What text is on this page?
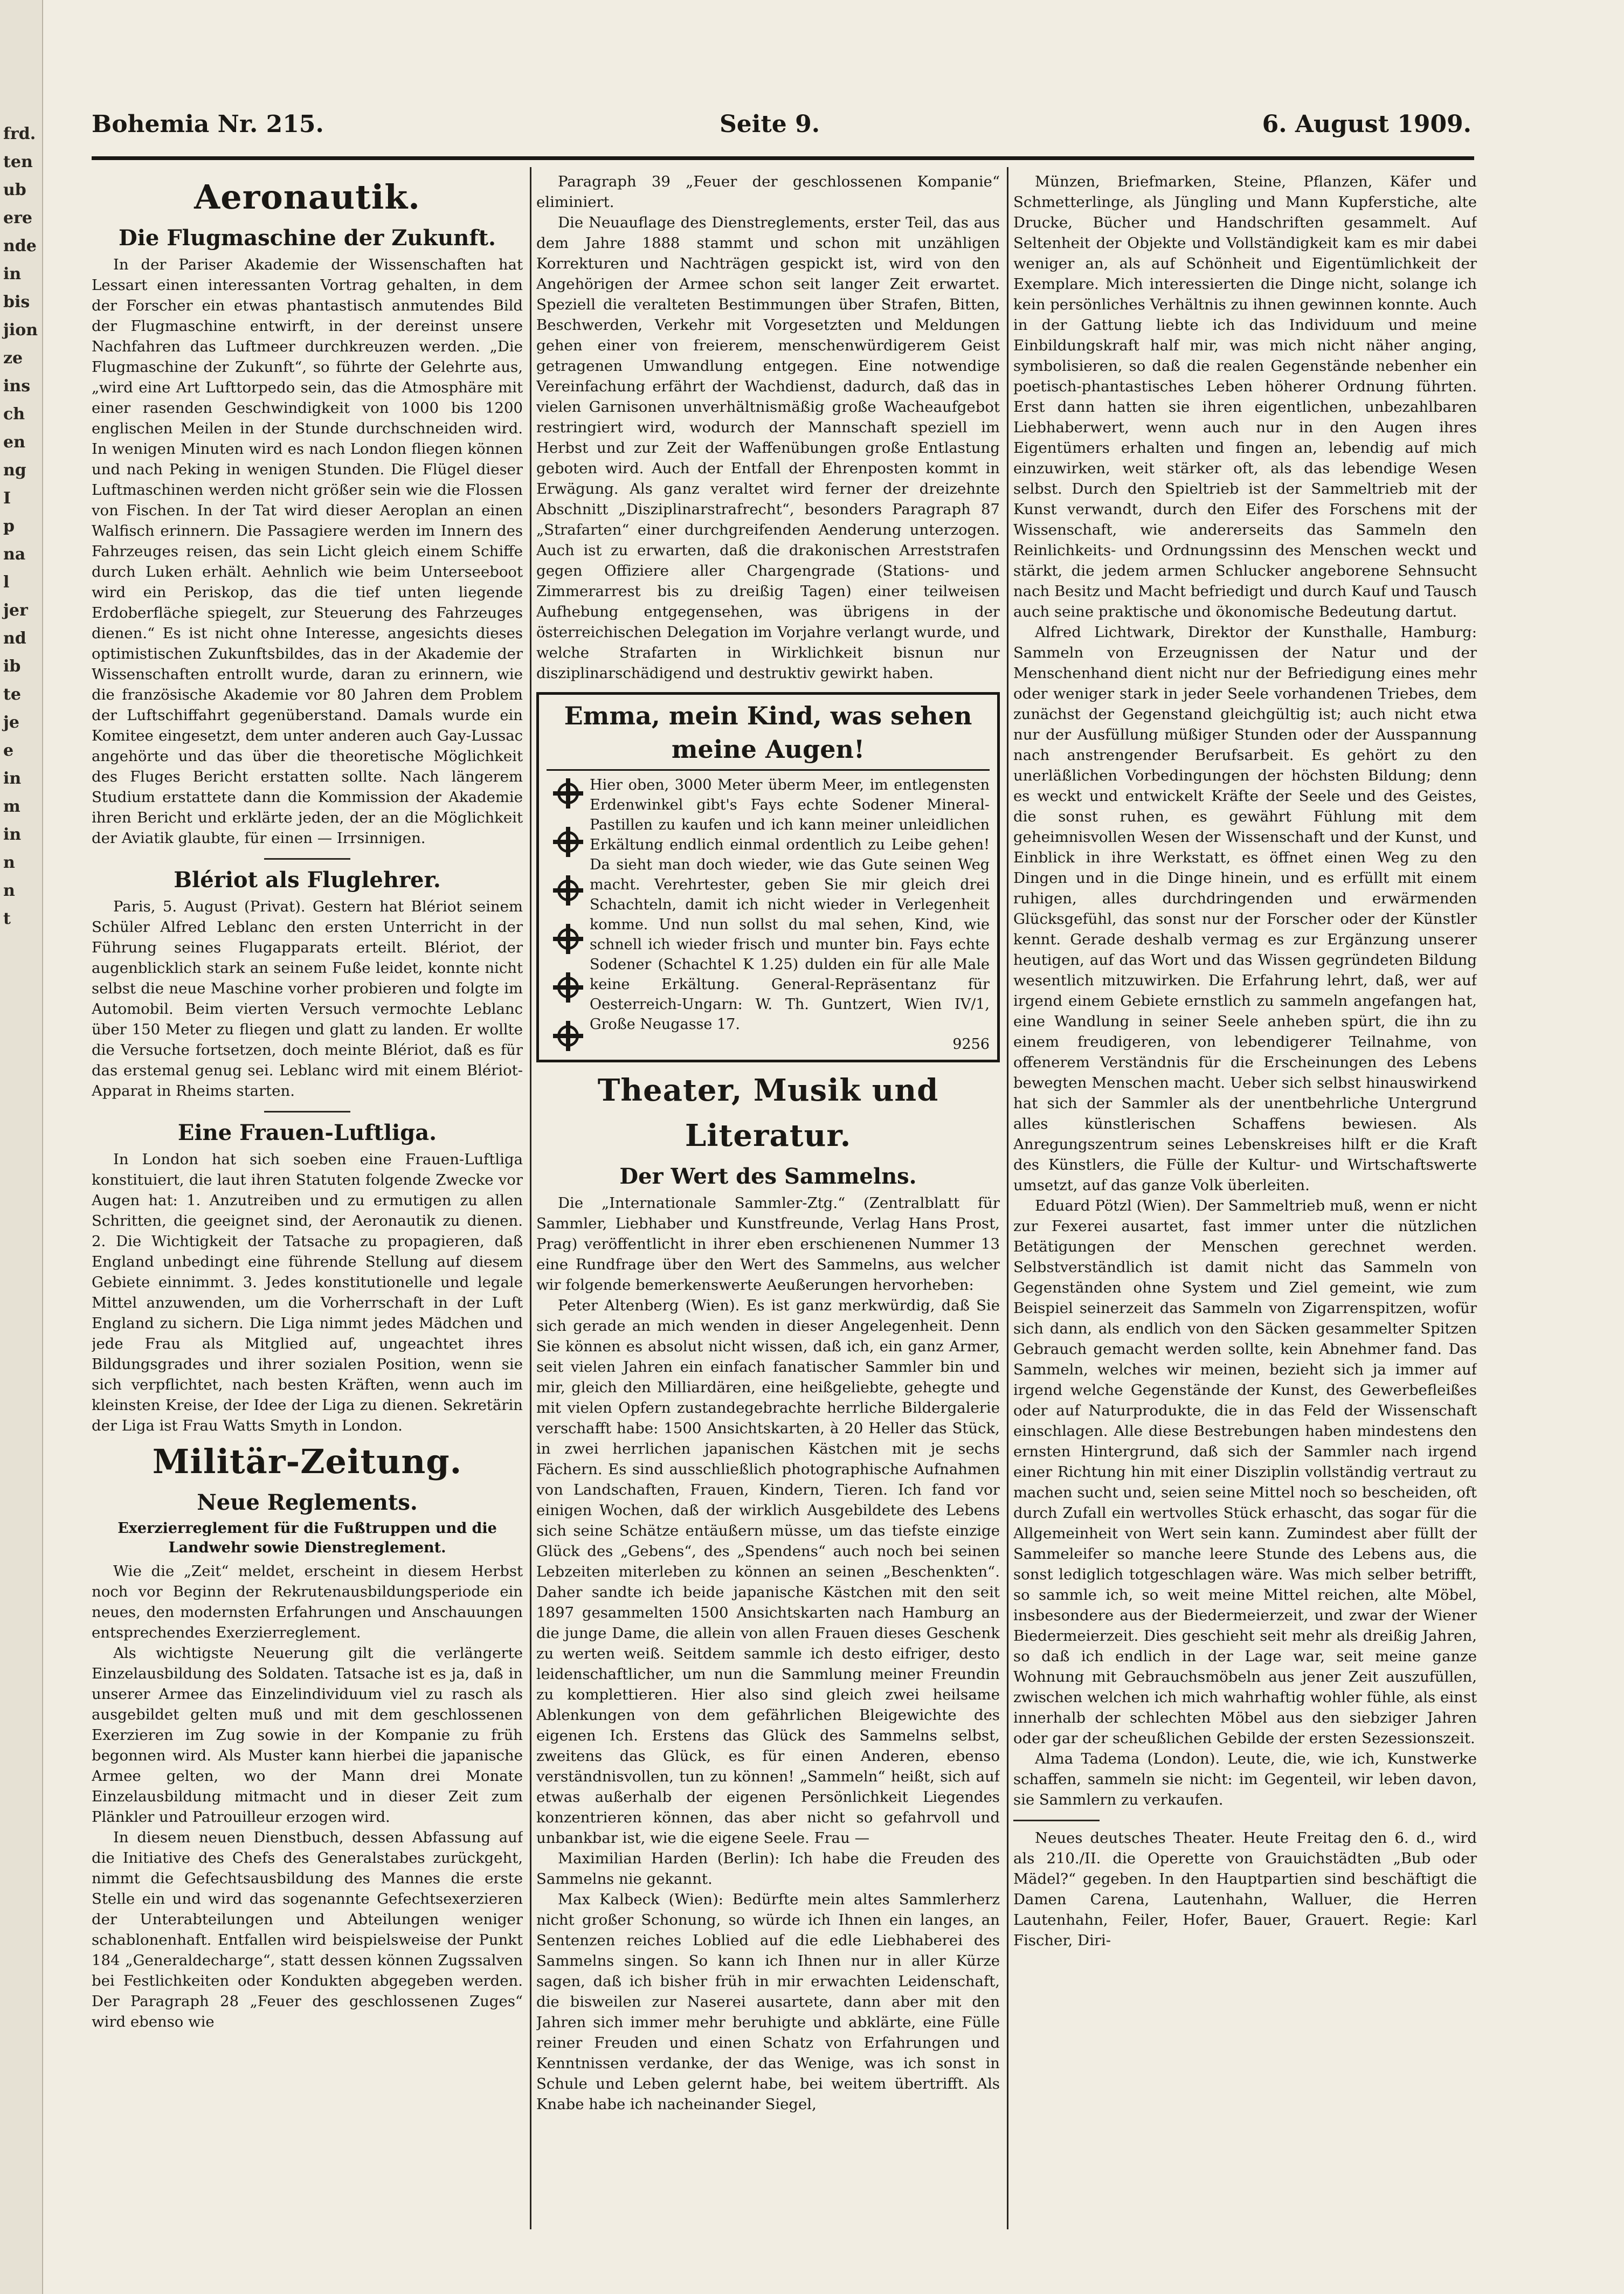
frd.
ten
ub
ere
nde
in
bis
jion
ze
ins
ch
en
ng
I
p
na
l
jer
nd
ib
te
je
e
in
m
in
n
n
t
Bohemia Nr. 215.	Seite 9.	6. August 1909.
Aeronautik.
Die Flugmaschine der Zukunft.

In der Pariser Akademie der Wissenschaften hat Lessart einen interessanten Vortrag gehalten, in dem der Forscher ein etwas phantastisch anmutendes Bild der Flugmaschine entwirft, in der dereinst unsere Nachfahren das Luftmeer durchkreuzen werden. „Die Flugmaschine der Zukunft“, so führte der Gelehrte aus, „wird eine Art Lufttorpedo sein, das die Atmosphäre mit einer rasenden Geschwindigkeit von 1000 bis 1200 englischen Meilen in der Stunde durchschneiden wird. In wenigen Minuten wird es nach London fliegen können und nach Peking in wenigen Stunden. Die Flügel dieser Luftmaschinen werden nicht größer sein wie die Flossen von Fischen. In der Tat wird dieser Aeroplan an einen Walfisch erinnern. Die Passagiere werden im Innern des Fahrzeuges reisen, das sein Licht gleich einem Schiffe durch Luken erhält. Aehnlich wie beim Unterseeboot wird ein Periskop, das die tief unten liegende Erdoberfläche spiegelt, zur Steuerung des Fahrzeuges dienen.“ Es ist nicht ohne Interesse, angesichts dieses optimistischen Zukunftsbildes, das in der Akademie der Wissenschaften entrollt wurde, daran zu erinnern, wie die französische Akademie vor 80 Jahren dem Problem der Luftschiffahrt gegenüberstand. Damals wurde ein Komitee eingesetzt, dem unter anderen auch Gay-Lussac angehörte und das über die theoretische Möglichkeit des Fluges Bericht erstatten sollte. Nach längerem Studium erstattete dann die Kommission der Akademie ihren Bericht und erklärte jeden, der an die Möglichkeit der Aviatik glaubte, für einen — Irrsinnigen.

Blériot als Fluglehrer.

Paris, 5. August (Privat). Gestern hat Blériot seinem Schüler Alfred Leblanc den ersten Unterricht in der Führung seines Flugapparats erteilt. Blériot, der augenblicklich stark an seinem Fuße leidet, konnte nicht selbst die neue Maschine vorher probieren und folgte im Automobil. Beim vierten Versuch vermochte Leblanc über 150 Meter zu fliegen und glatt zu landen. Er wollte die Versuche fortsetzen, doch meinte Blériot, daß es für das erstemal genug sei. Leblanc wird mit einem Blériot-Apparat in Rheims starten.

Eine Frauen-Luftliga.

In London hat sich soeben eine Frauen-Luftliga konstituiert, die laut ihren Statuten folgende Zwecke vor Augen hat: 1. Anzutreiben und zu ermutigen zu allen Schritten, die geeignet sind, der Aeronautik zu dienen. 2. Die Wichtigkeit der Tatsache zu propagieren, daß England unbedingt eine führende Stellung auf diesem Gebiete einnimmt. 3. Jedes konstitutionelle und legale Mittel anzuwenden, um die Vorherrschaft in der Luft England zu sichern. Die Liga nimmt jedes Mädchen und jede Frau als Mitglied auf, ungeachtet ihres Bildungsgrades und ihrer sozialen Position, wenn sie sich verpflichtet, nach besten Kräften, wenn auch im kleinsten Kreise, der Idee der Liga zu dienen. Sekretärin der Liga ist Frau Watts Smyth in London.

Militär-Zeitung.
Neue Reglements.
Exerzierreglement für die Fußtruppen und die Landwehr sowie Dienstreglement.

Wie die „Zeit“ meldet, erscheint in diesem Herbst noch vor Beginn der Rekrutenausbildungsperiode ein neues, den modernsten Erfahrungen und Anschauungen entsprechendes Exerzierreglement.

Als wichtigste Neuerung gilt die verlängerte Einzelausbildung des Soldaten. Tatsache ist es ja, daß in unserer Armee das Einzelindividuum viel zu rasch als ausgebildet gelten muß und mit dem geschlossenen Exerzieren im Zug sowie in der Kompanie zu früh begonnen wird. Als Muster kann hierbei die japanische Armee gelten, wo der Mann drei Monate Einzelausbildung mitmacht und in dieser Zeit zum Plänkler und Patrouilleur erzogen wird.

In diesem neuen Dienstbuch, dessen Abfassung auf die Initiative des Chefs des Generalstabes zurückgeht, nimmt die Gefechtsausbildung des Mannes die erste Stelle ein und wird das sogenannte Gefechtsexerzieren der Unterabteilungen und Abteilungen weniger schablonenhaft. Entfallen wird beispielsweise der Punkt 184 „Generaldecharge“, statt dessen können Zugssalven bei Festlichkeiten oder Kondukten abgegeben werden. Der Paragraph 28 „Feuer des geschlossenen Zuges“ wird ebenso wie

Paragraph 39 „Feuer der geschlossenen Kompanie“ eliminiert.

Die Neuauflage des Dienstreglements, erster Teil, das aus dem Jahre 1888 stammt und schon mit unzähligen Korrekturen und Nachträgen gespickt ist, wird von den Angehörigen der Armee schon seit langer Zeit erwartet. Speziell die veralteten Bestimmungen über Strafen, Bitten, Beschwerden, Verkehr mit Vorgesetzten und Meldungen gehen einer von freierem, menschenwürdigerem Geist getragenen Umwandlung entgegen. Eine notwendige Vereinfachung erfährt der Wachdienst, dadurch, daß das in vielen Garnisonen unverhältnismäßig große Wacheaufgebot restringiert wird, wodurch der Mannschaft speziell im Herbst und zur Zeit der Waffenübungen große Entlastung geboten wird. Auch der Entfall der Ehrenposten kommt in Erwägung. Als ganz veraltet wird ferner der dreizehnte Abschnitt „Disziplinarstrafrecht“, besonders Paragraph 87 „Strafarten“ einer durchgreifenden Aenderung unterzogen. Auch ist zu erwarten, daß die drakonischen Arreststrafen gegen Offiziere aller Chargengrade (Stations- und Zimmerarrest bis zu dreißig Tagen) einer teilweisen Aufhebung entgegensehen, was übrigens in der österreichischen Delegation im Vorjahre verlangt wurde, und welche Strafarten in Wirklichkeit bisnun nur disziplinarschädigend und destruktiv gewirkt haben.

Emma, mein Kind, was sehen meine Augen!
Hier oben, 3000 Meter überm Meer, im entlegensten Erdenwinkel gibt's Fays echte Sodener Mineral-Pastillen zu kaufen und ich kann meiner unleidlichen Erkältung endlich einmal ordentlich zu Leibe gehen! Da sieht man doch wieder, wie das Gute seinen Weg macht. Verehrtester, geben Sie mir gleich drei Schachteln, damit ich nicht wieder in Verlegenheit komme. Und nun sollst du mal sehen, Kind, wie schnell ich wieder frisch und munter bin. Fays echte Sodener (Schachtel K 1.25) dulden ein für alle Male keine Erkältung. General-Repräsentanz für Oesterreich-Ungarn: W. Th. Guntzert, Wien IV/1, Große Neugasse 17.
9256
Theater, Musik und Literatur.
Der Wert des Sammelns.

Die „Internationale Sammler-Ztg.“ (Zentralblatt für Sammler, Liebhaber und Kunstfreunde, Verlag Hans Prost, Prag) veröffentlicht in ihrer eben erschienenen Nummer 13 eine Rundfrage über den Wert des Sammelns, aus welcher wir folgende bemerkenswerte Aeußerungen hervorheben:

Peter Altenberg (Wien). Es ist ganz merkwürdig, daß Sie sich gerade an mich wenden in dieser Angelegenheit. Denn Sie können es absolut nicht wissen, daß ich, ein ganz Armer, seit vielen Jahren ein einfach fanatischer Sammler bin und mir, gleich den Milliardären, eine heißgeliebte, gehegte und mit vielen Opfern zustandegebrachte herrliche Bildergalerie verschafft habe: 1500 Ansichtskarten, à 20 Heller das Stück, in zwei herrlichen japanischen Kästchen mit je sechs Fächern. Es sind ausschließlich photographische Aufnahmen von Landschaften, Frauen, Kindern, Tieren. Ich fand vor einigen Wochen, daß der wirklich Ausgebildete des Lebens sich seine Schätze entäußern müsse, um das tiefste einzige Glück des „Gebens“, des „Spendens“ auch noch bei seinen Lebzeiten miterleben zu können an seinen „Beschenkten“. Daher sandte ich beide japanische Kästchen mit den seit 1897 gesammelten 1500 Ansichtskarten nach Hamburg an die junge Dame, die allein von allen Frauen dieses Geschenk zu werten weiß. Seitdem sammle ich desto eifriger, desto leidenschaftlicher, um nun die Sammlung meiner Freundin zu komplettieren. Hier also sind gleich zwei heilsame Ablenkungen von dem gefährlichen Bleigewichte des eigenen Ich. Erstens das Glück des Sammelns selbst, zweitens das Glück, es für einen Anderen, ebenso verständnisvollen, tun zu können! „Sammeln“ heißt, sich auf etwas außerhalb der eigenen Persönlichkeit Liegendes konzentrieren können, das aber nicht so gefahrvoll und unbankbar ist, wie die eigene Seele. Frau —

Maximilian Harden (Berlin): Ich habe die Freuden des Sammelns nie gekannt.

Max Kalbeck (Wien): Bedürfte mein altes Sammlerherz nicht großer Schonung, so würde ich Ihnen ein langes, an Sentenzen reiches Loblied auf die edle Liebhaberei des Sammelns singen. So kann ich Ihnen nur in aller Kürze sagen, daß ich bisher früh in mir erwachten Leidenschaft, die bisweilen zur Naserei ausartete, dann aber mit den Jahren sich immer mehr beruhigte und abklärte, eine Fülle reiner Freuden und einen Schatz von Erfahrungen und Kenntnissen verdanke, der das Wenige, was ich sonst in Schule und Leben gelernt habe, bei weitem übertrifft. Als Knabe habe ich nacheinander Siegel,

Münzen, Briefmarken, Steine, Pflanzen, Käfer und Schmetterlinge, als Jüngling und Mann Kupferstiche, alte Drucke, Bücher und Handschriften gesammelt. Auf Seltenheit der Objekte und Vollständigkeit kam es mir dabei weniger an, als auf Schönheit und Eigentümlichkeit der Exemplare. Mich interessierten die Dinge nicht, solange ich kein persönliches Verhältnis zu ihnen gewinnen konnte. Auch in der Gattung liebte ich das Individuum und meine Einbildungskraft half mir, was mich nicht näher anging, symbolisieren, so daß die realen Gegenstände nebenher ein poetisch-phantastisches Leben höherer Ordnung führten. Erst dann hatten sie ihren eigentlichen, unbezahlbaren Liebhaberwert, wenn auch nur in den Augen ihres Eigentümers erhalten und fingen an, lebendig auf mich einzuwirken, weit stärker oft, als das lebendige Wesen selbst. Durch den Spieltrieb ist der Sammeltrieb mit der Kunst verwandt, durch den Eifer des Forschens mit der Wissenschaft, wie andererseits das Sammeln den Reinlichkeits- und Ordnungssinn des Menschen weckt und stärkt, die jedem armen Schlucker angeborene Sehnsucht nach Besitz und Macht befriedigt und durch Kauf und Tausch auch seine praktische und ökonomische Bedeutung dartut.

Alfred Lichtwark, Direktor der Kunsthalle, Hamburg: Sammeln von Erzeugnissen der Natur und der Menschenhand dient nicht nur der Befriedigung eines mehr oder weniger stark in jeder Seele vorhandenen Triebes, dem zunächst der Gegenstand gleichgültig ist; auch nicht etwa nur der Ausfüllung müßiger Stunden oder der Ausspannung nach anstrengender Berufsarbeit. Es gehört zu den unerläßlichen Vorbedingungen der höchsten Bildung; denn es weckt und entwickelt Kräfte der Seele und des Geistes, die sonst ruhen, es gewährt Fühlung mit dem geheimnisvollen Wesen der Wissenschaft und der Kunst, und Einblick in ihre Werkstatt, es öffnet einen Weg zu den Dingen und in die Dinge hinein, und es erfüllt mit einem ruhigen, alles durchdringenden und erwärmenden Glücksgefühl, das sonst nur der Forscher oder der Künstler kennt. Gerade deshalb vermag es zur Ergänzung unserer heutigen, auf das Wort und das Wissen gegründeten Bildung wesentlich mitzuwirken. Die Erfahrung lehrt, daß, wer auf irgend einem Gebiete ernstlich zu sammeln angefangen hat, eine Wandlung in seiner Seele anheben spürt, die ihn zu einem freudigeren, von lebendigerer Teilnahme, von offenerem Verständnis für die Erscheinungen des Lebens bewegten Menschen macht. Ueber sich selbst hinauswirkend hat sich der Sammler als der unentbehrliche Untergrund alles künstlerischen Schaffens bewiesen. Als Anregungszentrum seines Lebenskreises hilft er die Kraft des Künstlers, die Fülle der Kultur- und Wirtschaftswerte umsetzt, auf das ganze Volk überleiten.

Eduard Pötzl (Wien). Der Sammeltrieb muß, wenn er nicht zur Fexerei ausartet, fast immer unter die nützlichen Betätigungen der Menschen gerechnet werden. Selbstverständlich ist damit nicht das Sammeln von Gegenständen ohne System und Ziel gemeint, wie zum Beispiel seinerzeit das Sammeln von Zigarrenspitzen, wofür sich dann, als endlich von den Säcken gesammelter Spitzen Gebrauch gemacht werden sollte, kein Abnehmer fand. Das Sammeln, welches wir meinen, bezieht sich ja immer auf irgend welche Gegenstände der Kunst, des Gewerbefleißes oder auf Naturprodukte, die in das Feld der Wissenschaft einschlagen. Alle diese Bestrebungen haben mindestens den ernsten Hintergrund, daß sich der Sammler nach irgend einer Richtung hin mit einer Disziplin vollständig vertraut zu machen sucht und, seien seine Mittel noch so bescheiden, oft durch Zufall ein wertvolles Stück erhascht, das sogar für die Allgemeinheit von Wert sein kann. Zumindest aber füllt der Sammeleifer so manche leere Stunde des Lebens aus, die sonst lediglich totgeschlagen wäre. Was mich selber betrifft, so sammle ich, so weit meine Mittel reichen, alte Möbel, insbesondere aus der Biedermeierzeit, und zwar der Wiener Biedermeierzeit. Dies geschieht seit mehr als dreißig Jahren, so daß ich endlich in der Lage war, seit meine ganze Wohnung mit Gebrauchsmöbeln aus jener Zeit auszufüllen, zwischen welchen ich mich wahrhaftig wohler fühle, als einst innerhalb der schlechten Möbel aus den siebziger Jahren oder gar der scheußlichen Gebilde der ersten Sezessionszeit.

Alma Tadema (London). Leute, die, wie ich, Kunstwerke schaffen, sammeln sie nicht: im Gegenteil, wir leben davon, sie Sammlern zu verkaufen.

Neues deutsches Theater. Heute Freitag den 6. d., wird als 210./II. die Operette von Grauichstädten „Bub oder Mädel?“ gegeben. In den Hauptpartien sind beschäftigt die Damen Carena, Lautenhahn, Walluer, die Herren Lautenhahn, Feiler, Hofer, Bauer, Grauert. Regie: Karl Fischer, Diri-
